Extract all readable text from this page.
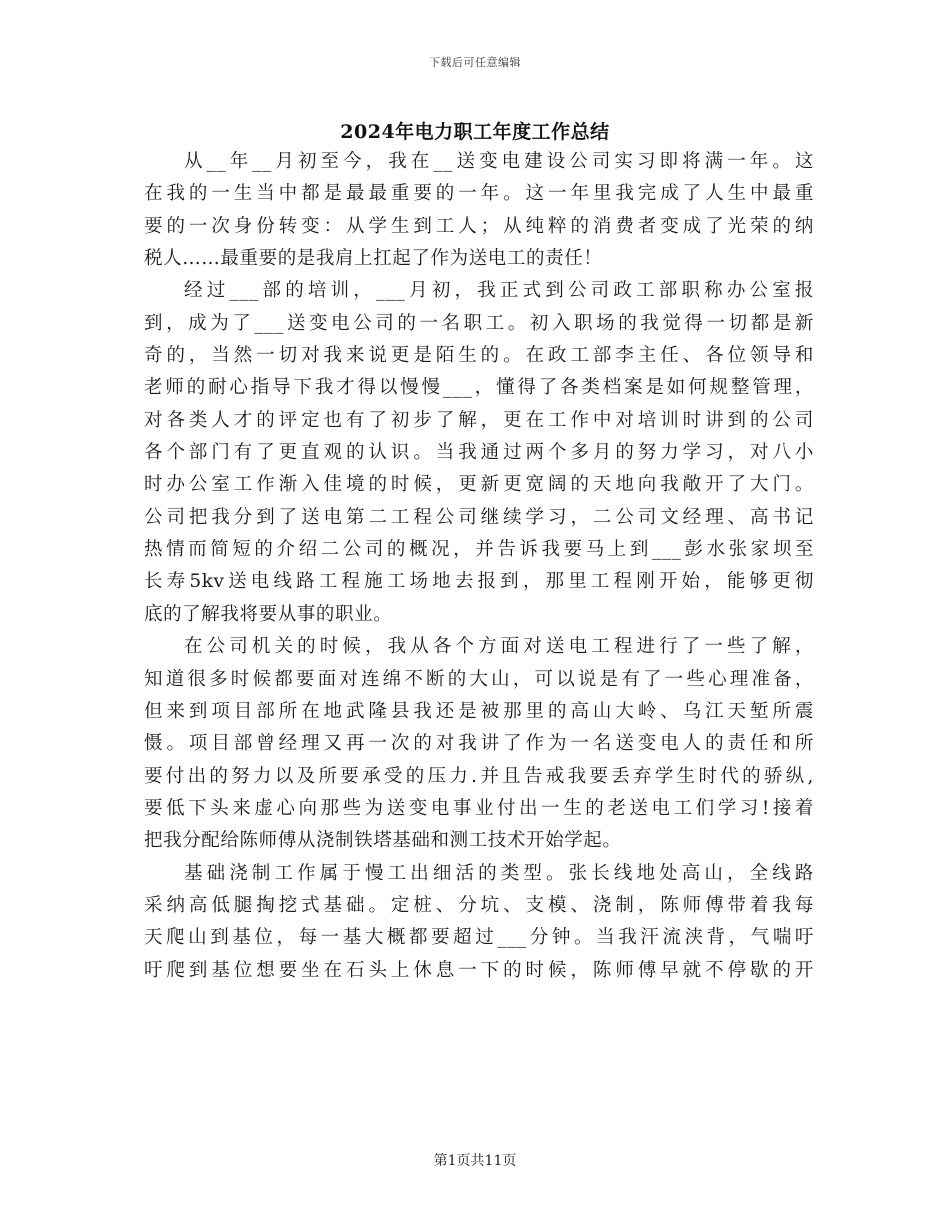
下载后可任意编辑
2024年电力职工年度工作总结
从__年__月初至今，我在__送变电建设公司实习即将满一年。这
在我的一生当中都是最最重要的一年。这一年里我完成了人生中最重
要的一次身份转变：从学生到工人；从纯粹的消费者变成了光荣的纳
税人……最重要的是我肩上扛起了作为送电工的责任！
经过___部的培训，___月初，我正式到公司政工部职称办公室报
到，成为了___送变电公司的一名职工。初入职场的我觉得一切都是新
奇的，当然一切对我来说更是陌生的。在政工部李主任、各位领导和
老师的耐心指导下我才得以慢慢___，懂得了各类档案是如何规整管理，
对各类人才的评定也有了初步了解，更在工作中对培训时讲到的公司
各个部门有了更直观的认识。当我通过两个多月的努力学习，对八小
时办公室工作渐入佳境的时候，更新更宽阔的天地向我敞开了大门。
公司把我分到了送电第二工程公司继续学习，二公司文经理、高书记
热情而简短的介绍二公司的概况，并告诉我要马上到___彭水张家坝至
长寿5kv送电线路工程施工场地去报到，那里工程刚开始，能够更彻
底的了解我将要从事的职业。
在公司机关的时候，我从各个方面对送电工程进行了一些了解，
知道很多时候都要面对连绵不断的大山，可以说是有了一些心理准备，
但来到项目部所在地武隆县我还是被那里的高山大岭、乌江天堑所震
慑。项目部曾经理又再一次的对我讲了作为一名送变电人的责任和所
要付出的努力以及所要承受的压力.并且告戒我要丢弃学生时代的骄纵,
要低下头来虚心向那些为送变电事业付出一生的老送电工们学习!接着
把我分配给陈师傅从浇制铁塔基础和测工技术开始学起。
基础浇制工作属于慢工出细活的类型。张长线地处高山，全线路
采纳高低腿掏挖式基础。定桩、分坑、支模、浇制，陈师傅带着我每
天爬山到基位，每一基大概都要超过___分钟。当我汗流浃背，气喘吁
吁爬到基位想要坐在石头上休息一下的时候，陈师傅早就不停歇的开
第1页共11页
